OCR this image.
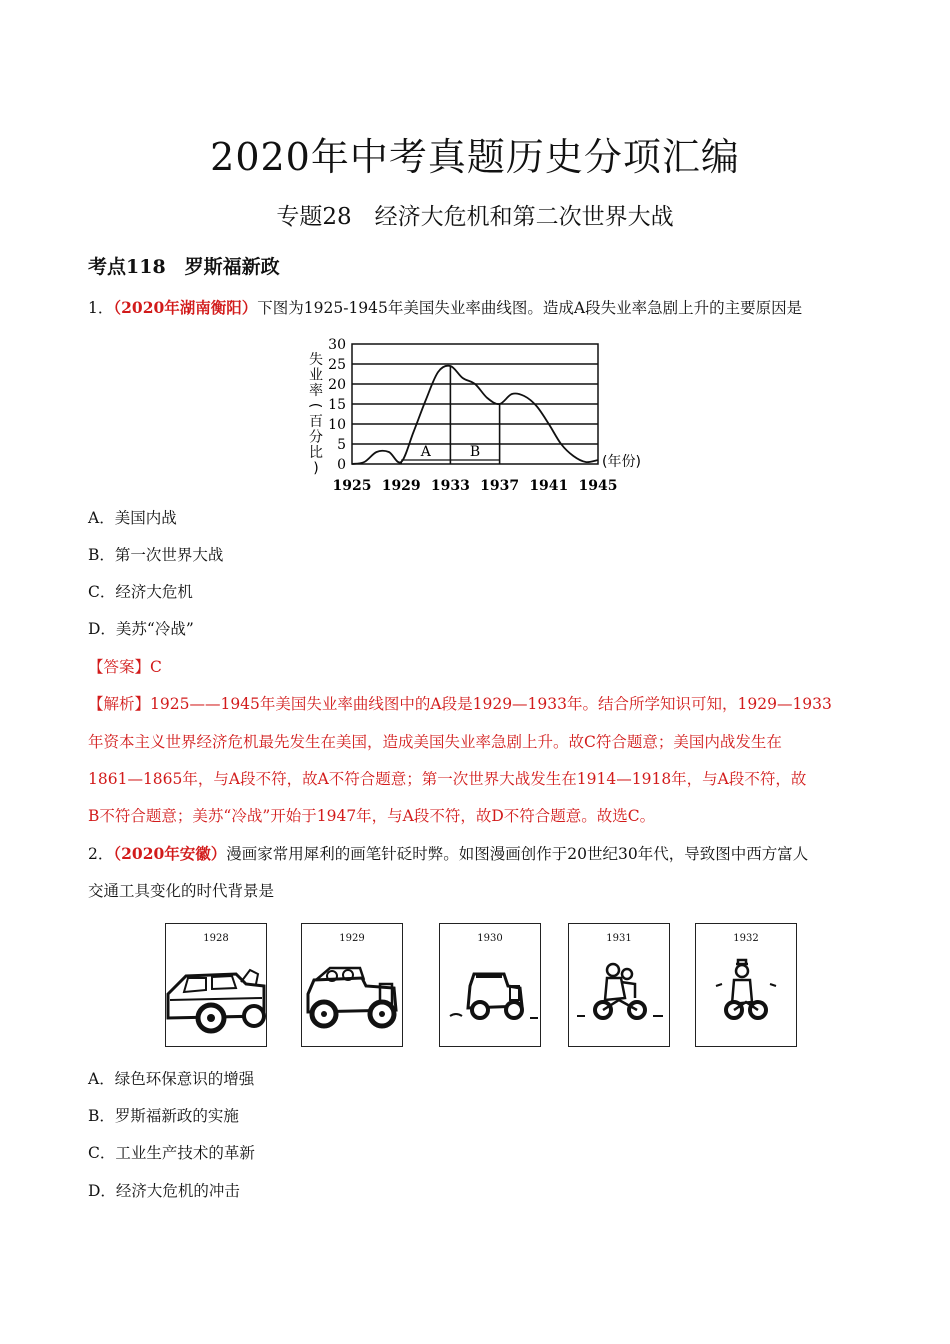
2020年中考真题历史分项汇编
专题28　经济大危机和第二次世界大战
考点118　罗斯福新政
1．（2020年湖南衡阳）下图为1925-1945年美国失业率曲线图。造成A段失业率急剧上升的主要原因是
0
5
10
15
20
25
30
1925 1929 1933 1937 1941 1945
失
业
率
(
百
分
比
)	(年份)
A	B
A．美国内战
B．第一次世界大战
C．经济大危机
D．美苏“冷战”
【答案】C
【解析】1925——1945年美国失业率曲线图中的A段是1929—1933年。结合所学知识可知，1929—1933
年资本主义世界经济危机最先发生在美国，造成美国失业率急剧上升。故C符合题意；美国内战发生在
1861—1865年，与A段不符，故A不符合题意；第一次世界大战发生在1914—1918年，与A段不符，故
B不符合题意；美苏“冷战”开始于1947年，与A段不符，故D不符合题意。故选C。
2．（2020年安徽）漫画家常用犀利的画笔针砭时弊。如图漫画创作于20世纪30年代，导致图中西方富人
交通工具变化的时代背景是
1928	1929	1930	1931	1932
A．绿色环保意识的增强
B．罗斯福新政的实施
C．工业生产技术的革新
D．经济大危机的冲击
